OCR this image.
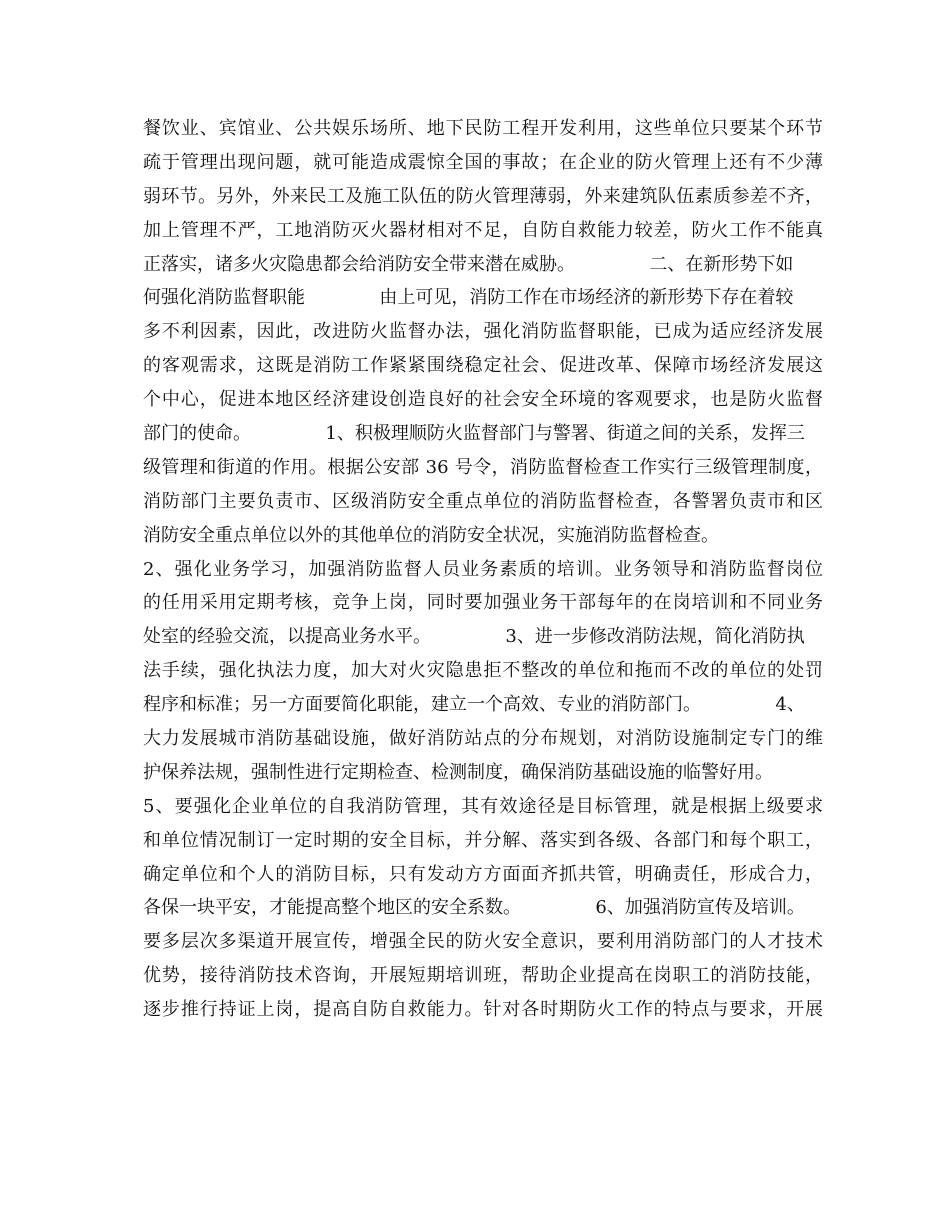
餐饮业、宾馆业、公共娱乐场所、地下民防工程开发利用，这些单位只要某个环节
疏于管理出现问题，就可能造成震惊全国的事故；在企业的防火管理上还有不少薄
弱环节。另外，外来民工及施工队伍的防火管理薄弱，外来建筑队伍素质参差不齐，
加上管理不严，工地消防灭火器材相对不足，自防自救能力较差，防火工作不能真
正落实，诸多火灾隐患都会给消防安全带来潜在威胁。             二、在新形势下如
何强化消防监督职能             由上可见，消防工作在市场经济的新形势下存在着较
多不利因素，因此，改进防火监督办法，强化消防监督职能，已成为适应经济发展
的客观需求，这既是消防工作紧紧围绕稳定社会、促进改革、保障市场经济发展这
个中心，促进本地区经济建设创造良好的社会安全环境的客观要求，也是防火监督
部门的使命。             1、积极理顺防火监督部门与警署、街道之间的关系，发挥三
级管理和街道的作用。根据公安部 36 号令，消防监督检查工作实行三级管理制度，
消防部门主要负责市、区级消防安全重点单位的消防监督检查，各警署负责市和区
消防安全重点单位以外的其他单位的消防安全状况，实施消防监督检查。
2、强化业务学习，加强消防监督人员业务素质的培训。业务领导和消防监督岗位
的任用采用定期考核，竞争上岗，同时要加强业务干部每年的在岗培训和不同业务
处室的经验交流，以提高业务水平。             3、进一步修改消防法规，简化消防执
法手续，强化执法力度，加大对火灾隐患拒不整改的单位和拖而不改的单位的处罚
程序和标准；另一方面要简化职能，建立一个高效、专业的消防部门。             4、
大力发展城市消防基础设施，做好消防站点的分布规划，对消防设施制定专门的维
护保养法规，强制性进行定期检查、检测制度，确保消防基础设施的临警好用。
5、要强化企业单位的自我消防管理，其有效途径是目标管理，就是根据上级要求
和单位情况制订一定时期的安全目标，并分解、落实到各级、各部门和每个职工，
确定单位和个人的消防目标，只有发动方方面面齐抓共管，明确责任，形成合力，
各保一块平安，才能提高整个地区的安全系数。             6、加强消防宣传及培训。
要多层次多渠道开展宣传，增强全民的防火安全意识，要利用消防部门的人才技术
优势，接待消防技术咨询，开展短期培训班，帮助企业提高在岗职工的消防技能，
逐步推行持证上岗，提高自防自救能力。针对各时期防火工作的特点与要求，开展
